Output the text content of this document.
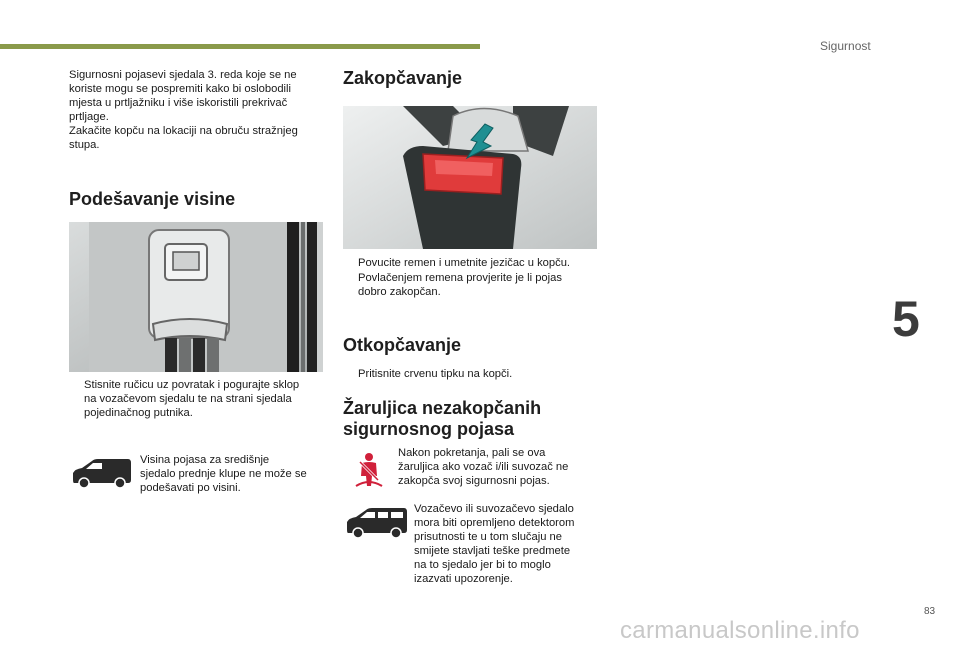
Sigurnost
5
83

Sigurnosni pojasevi sjedala 3. reda koje se ne
koriste mogu se pospremiti kako bi oslobodili
mjesta u prtljažniku i više iskoristili prekrivač
prtljage.
Zakačite kopču na lokaciji na obruču stražnjeg
stupa.

Podešavanje visine
Stisnite ručicu uz povratak i pogurajte sklop
na vozačevom sjedalu te na strani sjedala
pojedinačnog putnika.

Visina pojasa za središnje
sjedalo prednje klupe ne može se
podešavati po visini.

Zakopčavanje
Povucite remen i umetnite jezičac u kopču.
Povlačenjem remena provjerite je li pojas
dobro zakopčan.
Otkopčavanje
Pritisnite crvenu tipku na kopči.
Žaruljica nezakopčanih
sigurnosnog pojasa

Nakon pokretanja, pali se ova
žaruljica ako vozač i/ili suvozač ne
zakopča svoj sigurnosni pojas.

Vozačevo ili suvozačevo sjedalo
mora biti opremljeno detektorom
prisutnosti te u tom slučaju ne
smijete stavljati teške predmete
na to sjedalo jer bi to moglo
izazvati upozorenje.

carmanualsonline.info
